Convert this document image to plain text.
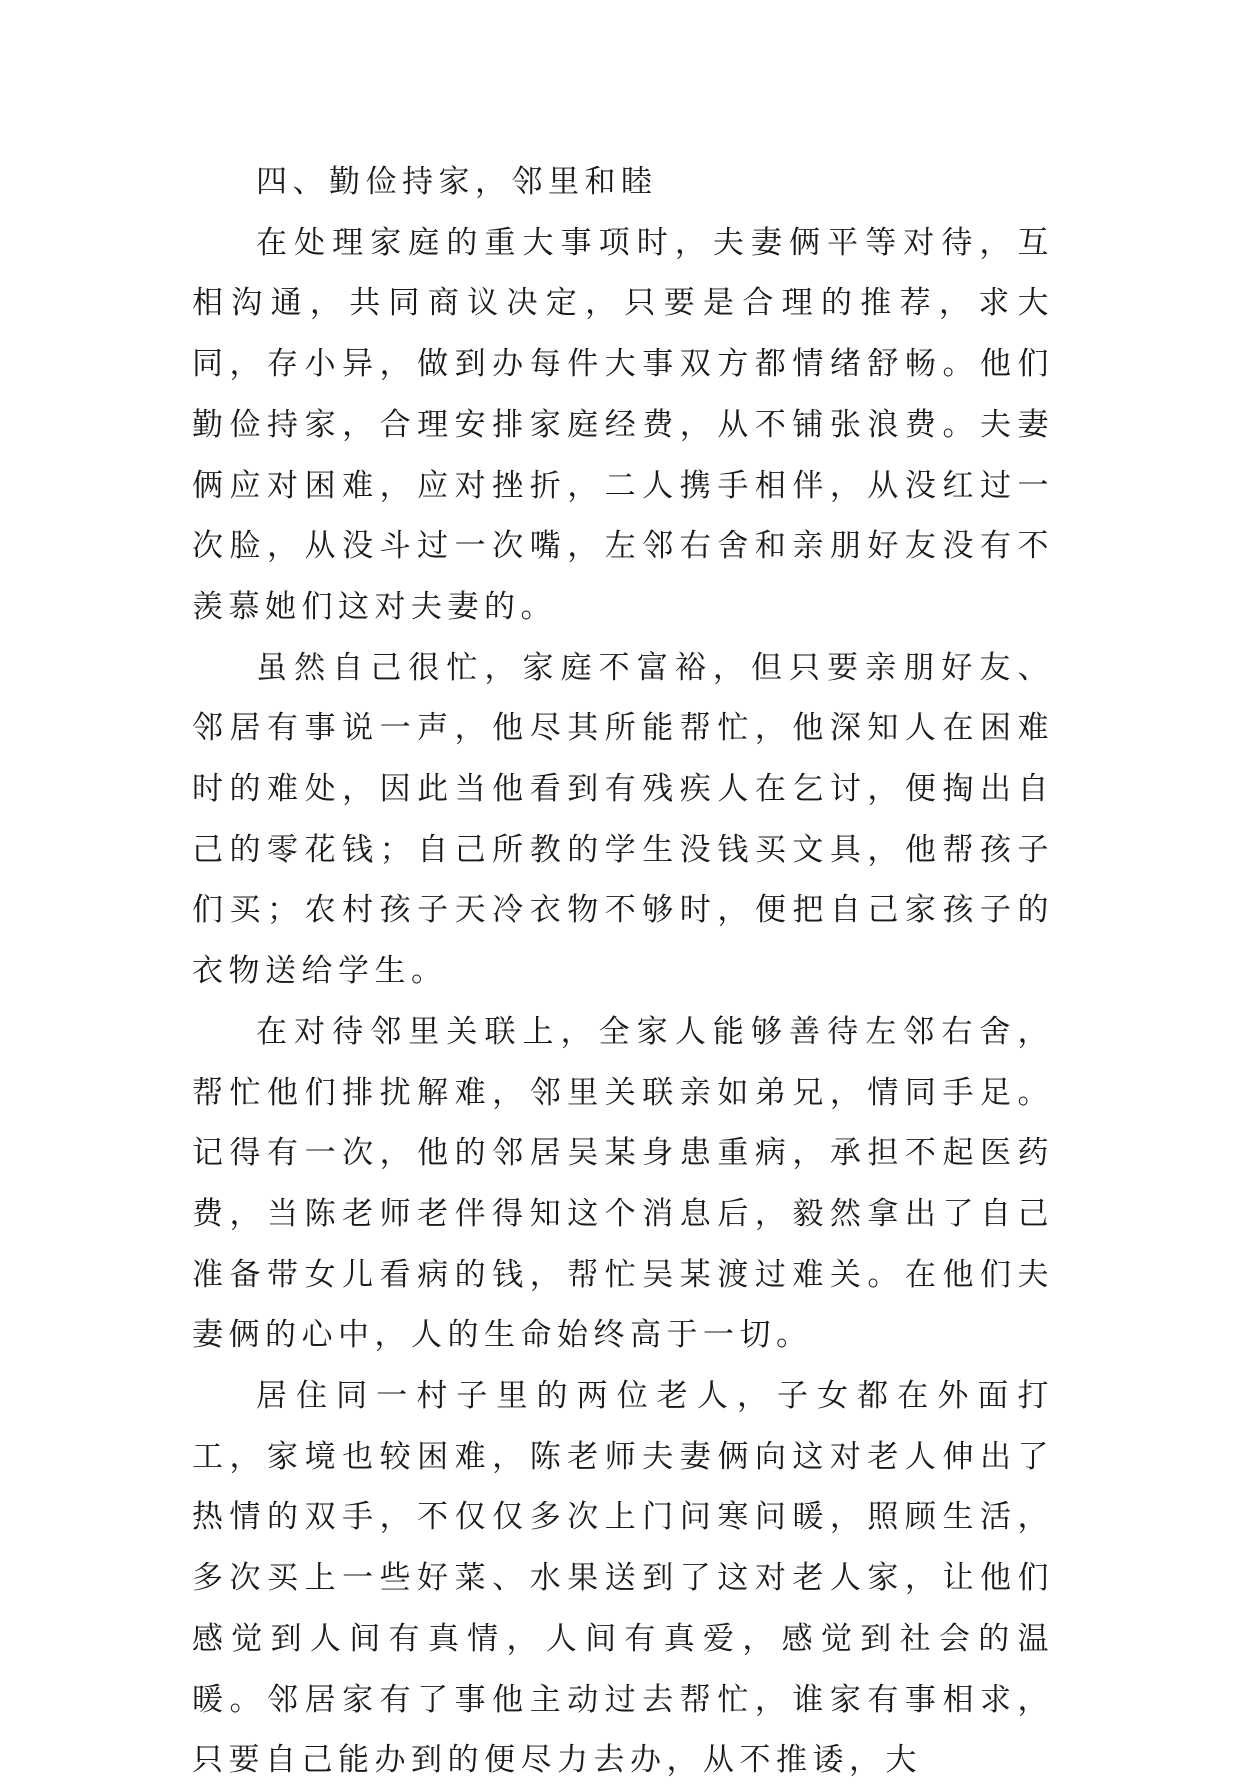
四、勤俭持家，邻里和睦

在处理家庭的重大事项时，夫妻俩平等对待，互相沟通，共同商议决定，只要是合理的推荐，求大同，存小异，做到办每件大事双方都情绪舒畅。他们勤俭持家，合理安排家庭经费，从不铺张浪费。夫妻俩应对困难，应对挫折，二人携手相伴，从没红过一次脸，从没斗过一次嘴，左邻右舍和亲朋好友没有不羡慕她们这对夫妻的。

虽然自己很忙，家庭不富裕，但只要亲朋好友、邻居有事说一声，他尽其所能帮忙，他深知人在困难时的难处，因此当他看到有残疾人在乞讨，便掏出自己的零花钱；自己所教的学生没钱买文具，他帮孩子们买；农村孩子天冷衣物不够时，便把自己家孩子的衣物送给学生。

在对待邻里关联上，全家人能够善待左邻右舍，帮忙他们排扰解难，邻里关联亲如弟兄，情同手足。记得有一次，他的邻居吴某身患重病，承担不起医药费，当陈老师老伴得知这个消息后，毅然拿出了自己准备带女儿看病的钱，帮忙吴某渡过难关。在他们夫妻俩的心中，人的生命始终高于一切。

居住同一村子里的两位老人，子女都在外面打工，家境也较困难，陈老师夫妻俩向这对老人伸出了热情的双手，不仅仅多次上门问寒问暖，照顾生活，多次买上一些好菜、水果送到了这对老人家，让他们感觉到人间有真情，人间有真爱，感觉到社会的温暖。邻居家有了事他主动过去帮忙，谁家有事相求，只要自己能办到的便尽力去办，从不推诿，大
